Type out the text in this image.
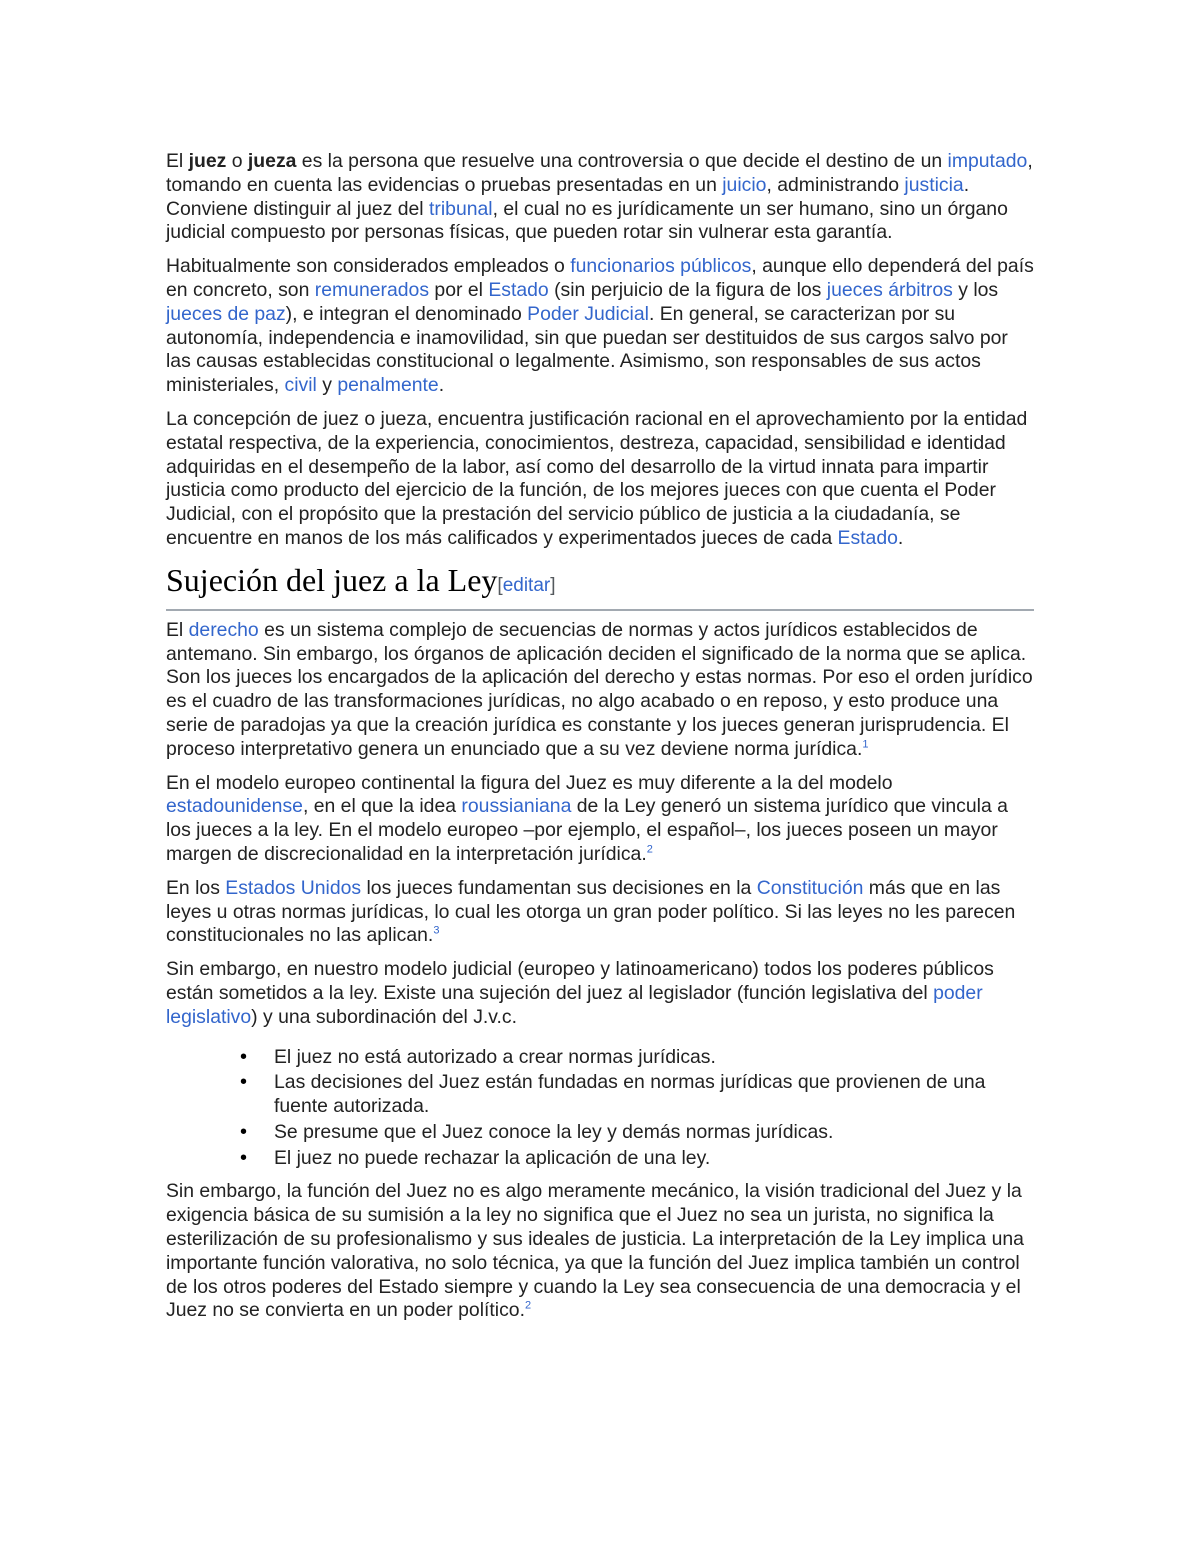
El juez o jueza es la persona que resuelve una controversia o que decide el destino de un imputado, tomando en cuenta las evidencias o pruebas presentadas en un juicio, administrando justicia. Conviene distinguir al juez del tribunal, el cual no es jurídicamente un ser humano, sino un órgano judicial compuesto por personas físicas, que pueden rotar sin vulnerar esta garantía.

Habitualmente son considerados empleados o funcionarios públicos, aunque ello dependerá del país en concreto, son remunerados por el Estado (sin perjuicio de la figura de los jueces árbitros y los jueces de paz), e integran el denominado Poder Judicial. En general, se caracterizan por su autonomía, independencia e inamovilidad, sin que puedan ser destituidos de sus cargos salvo por las causas establecidas constitucional o legalmente. Asimismo, son responsables de sus actos ministeriales, civil y penalmente.

La concepción de juez o jueza, encuentra justificación racional en el aprovechamiento por la entidad estatal respectiva, de la experiencia, conocimientos, destreza, capacidad, sensibilidad e identidad adquiridas en el desempeño de la labor, así como del desarrollo de la virtud innata para impartir justicia como producto del ejercicio de la función, de los mejores jueces con que cuenta el Poder Judicial, con el propósito que la prestación del servicio público de justicia a la ciudadanía, se encuentre en manos de los más calificados y experimentados jueces de cada Estado.

Sujeción del juez a la Ley[editar]

El derecho es un sistema complejo de secuencias de normas y actos jurídicos establecidos de antemano. Sin embargo, los órganos de aplicación deciden el significado de la norma que se aplica. Son los jueces los encargados de la aplicación del derecho y estas normas. Por eso el orden jurídico es el cuadro de las transformaciones jurídicas, no algo acabado o en reposo, y esto produce una serie de paradojas ya que la creación jurídica es constante y los jueces generan jurisprudencia. El proceso interpretativo genera un enunciado que a su vez deviene norma jurídica.$^1$

En el modelo europeo continental la figura del Juez es muy diferente a la del modelo estadounidense, en el que la idea roussianiana de la Ley generó un sistema jurídico que vincula a los jueces a la ley. En el modelo europeo –por ejemplo, el español–, los jueces poseen un mayor margen de discrecionalidad en la interpretación jurídica.$^2$

En los Estados Unidos los jueces fundamentan sus decisiones en la Constitución más que en las leyes u otras normas jurídicas, lo cual les otorga un gran poder político. Si las leyes no les parecen constitucionales no las aplican.$^3$

Sin embargo, en nuestro modelo judicial (europeo y latinoamericano) todos los poderes públicos están sometidos a la ley. Existe una sujeción del juez al legislador (función legislativa del poder legislativo) y una subordinación del J.v.c.

• El juez no está autorizado a crear normas jurídicas.
• Las decisiones del Juez están fundadas en normas jurídicas que provienen de una fuente autorizada.
• Se presume que el Juez conoce la ley y demás normas jurídicas.
• El juez no puede rechazar la aplicación de una ley.

Sin embargo, la función del Juez no es algo meramente mecánico, la visión tradicional del Juez y la exigencia básica de su sumisión a la ley no significa que el Juez no sea un jurista, no significa la esterilización de su profesionalismo y sus ideales de justicia. La interpretación de la Ley implica una importante función valorativa, no solo técnica, ya que la función del Juez implica también un control de los otros poderes del Estado siempre y cuando la Ley sea consecuencia de una democracia y el Juez no se convierta en un poder político.$^2$
